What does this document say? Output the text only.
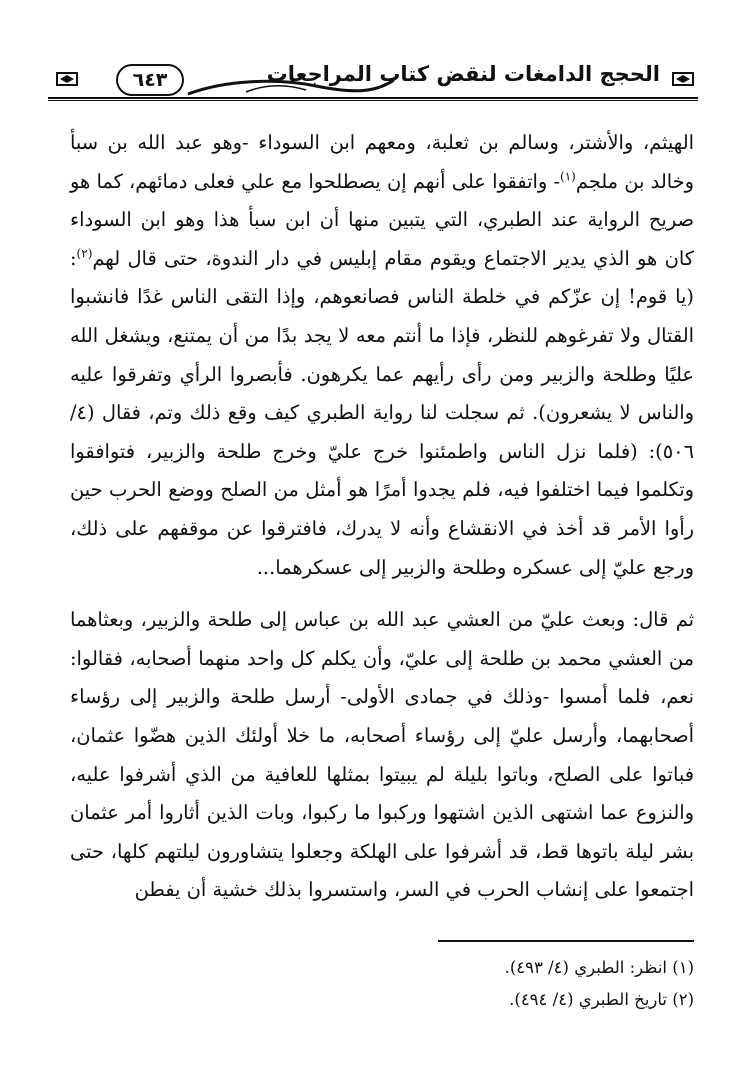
٦٤٣	الحجج الدامغات لنقض كتاب المراجعات

الهيثم، والأشتر، وسالم بن ثعلبة، ومعهم ابن السوداء -وهو عبد الله بن سبأ وخالد بن ملجم$^{(١)}$- واتفقوا على أنهم إن يصطلحوا مع علي فعلى دمائهم، كما هو صريح الرواية عند الطبري، التي يتبين منها أن ابن سبأ هذا وهو ابن السوداء كان هو الذي يدير الاجتماع ويقوم مقام إبليس في دار الندوة، حتى قال لهم$^{(٢)}$: (يا قوم! إن عزّكم في خلطة الناس فصانعوهم، وإذا التقى الناس غدًا فانشبوا القتال ولا تفرغوهم للنظر، فإذا ما أنتم معه لا يجد بدًا من أن يمتنع، ويشغل الله عليًا وطلحة والزبير ومن رأى رأيهم عما يكرهون. فأبصروا الرأي وتفرقوا عليه والناس لا يشعرون). ثم سجلت لنا رواية الطبري كيف وقع ذلك وتم، فقال (٤/ ٥٠٦): (فلما نزل الناس واطمئنوا خرج عليّ وخرج طلحة والزبير، فتوافقوا وتكلموا فيما اختلفوا فيه، فلم يجدوا أمرًا هو أمثل من الصلح ووضع الحرب حين رأوا الأمر قد أخذ في الانقشاع وأنه لا يدرك، فافترقوا عن موقفهم على ذلك، ورجع عليّ إلى عسكره وطلحة والزبير إلى عسكرهما...

ثم قال: وبعث عليّ من العشي عبد الله بن عباس إلى طلحة والزبير، وبعثاهما من العشي محمد بن طلحة إلى عليّ، وأن يكلم كل واحد منهما أصحابه، فقالوا: نعم، فلما أمسوا -وذلك في جمادى الأولى- أرسل طلحة والزبير إلى رؤساء أصحابهما، وأرسل عليّ إلى رؤساء أصحابه، ما خلا أولئك الذين هضّوا عثمان، فباتوا على الصلح، وباتوا بليلة لم يبيتوا بمثلها للعافية من الذي أشرفوا عليه، والنزوع عما اشتهى الذين اشتهوا وركبوا ما ركبوا، وبات الذين أثاروا أمر عثمان بشر ليلة باتوها قط، قد أشرفوا على الهلكة وجعلوا يتشاورون ليلتهم كلها، حتى اجتمعوا على إنشاب الحرب في السر، واستسروا بذلك خشية أن يفطن

(١) انظر: الطبري (٤/ ٤٩٣).
(٢) تاريخ الطبري (٤/ ٤٩٤).
